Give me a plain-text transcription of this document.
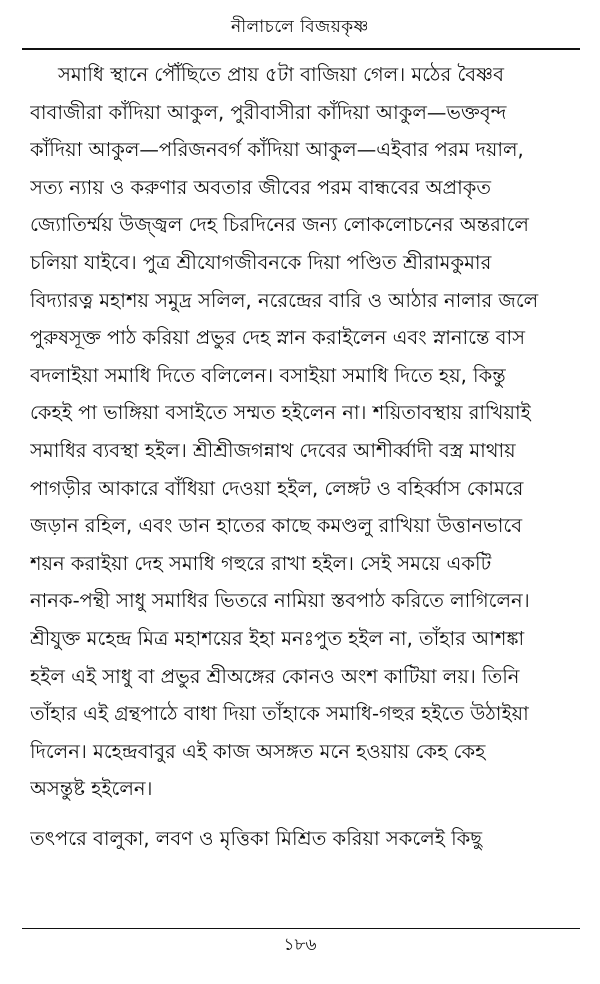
নীলাচলে বিজয়কৃষ্ণ
সমাধি স্থানে পৌঁছিতে প্রায় ৫টা বাজিয়া গেল। মঠের বৈষ্ণব
বাবাজীরা কাঁদিয়া আকুল, পুরীবাসীরা কাঁদিয়া আকুল—ভক্তবৃন্দ
কাঁদিয়া আকুল—পরিজনবর্গ কাঁদিয়া আকুল—এইবার পরম দয়াল,
সত্য ন্যায় ও করুণার অবতার জীবের পরম বান্ধবের অপ্রাকৃত
জ্যোতির্ম্ময় উজ্জ্বল দেহ চিরদিনের জন্য লোকলোচনের অন্তরালে
চলিয়া যাইবে। পুত্র শ্রীযোগজীবনকে দিয়া পণ্ডিত শ্রীরামকুমার
বিদ্যারত্ন মহাশয় সমুদ্র সলিল, নরেন্দ্রের বারি ও আঠার নালার জলে
পুরুষসূক্ত পাঠ করিয়া প্রভুর দেহ স্নান করাইলেন এবং স্নানান্তে বাস
বদলাইয়া সমাধি দিতে বলিলেন। বসাইয়া সমাধি দিতে হয়, কিন্তু
কেহই পা ভাঙ্গিয়া বসাইতে সম্মত হইলেন না। শয়িতাবস্থায় রাখিয়াই
সমাধির ব্যবস্থা হইল। শ্রীশ্রীজগন্নাথ দেবের আশীর্ব্বাদী বস্ত্র মাথায়
পাগড়ীর আকারে বাঁধিয়া দেওয়া হইল, লেঙ্গট ও বহির্ব্বাস কোমরে
জড়ান রহিল, এবং ডান হাতের কাছে কমণ্ডলু রাখিয়া উত্তানভাবে
শয়ন করাইয়া দেহ সমাধি গহুরে রাখা হইল। সেই সময়ে একটি
নানক-পন্থী সাধু সমাধির ভিতরে নামিয়া স্তবপাঠ করিতে লাগিলেন।
শ্রীযুক্ত মহেন্দ্র মিত্র মহাশয়ের ইহা মনঃপুত হইল না, তাঁহার আশঙ্কা
হইল এই সাধু বা প্রভুর শ্রীঅঙ্গের কোনও অংশ কাটিয়া লয়। তিনি
তাঁহার এই গ্রন্থপাঠে বাধা দিয়া তাঁহাকে সমাধি-গহুর হইতে উঠাইয়া
দিলেন। মহেন্দ্রবাবুর এই কাজ অসঙ্গত মনে হওয়ায় কেহ কেহ
অসন্তুষ্ট হইলেন।
তৎপরে বালুকা, লবণ ও মৃত্তিকা মিশ্রিত করিয়া সকলেই কিছু
১৮৬
